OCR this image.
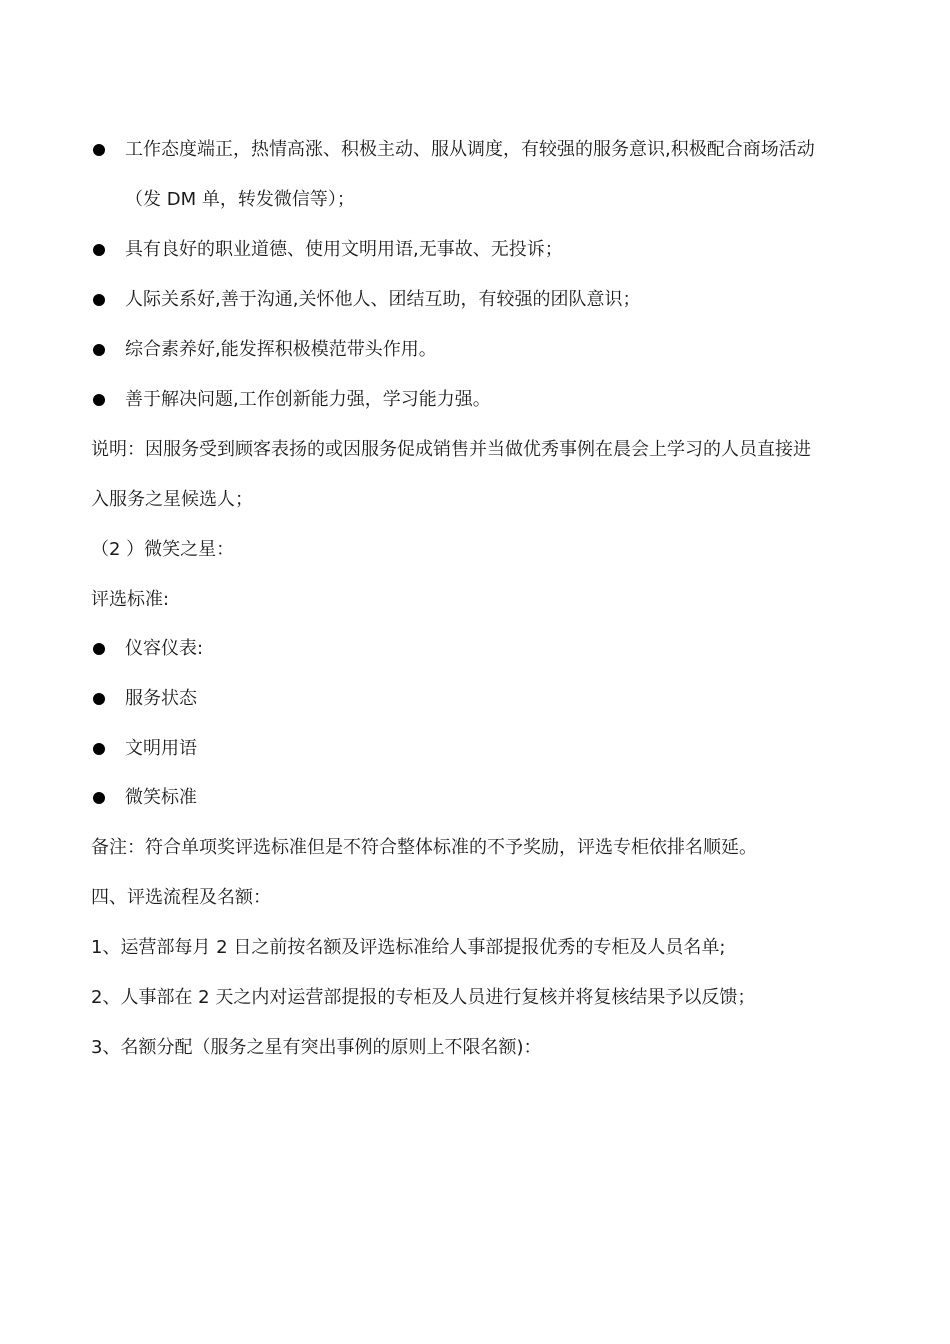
工作态度端正，热情高涨、积极主动、服从调度，有较强的服务意识,积极配合商场活动
（发 DM 单，转发微信等）；
具有良好的职业道德、使用文明用语,无事故、无投诉；
人际关系好,善于沟通,关怀他人、团结互助，有较强的团队意识；
综合素养好,能发挥积极模范带头作用。
善于解决问题,工作创新能力强，学习能力强。
说明：因服务受到顾客表扬的或因服务促成销售并当做优秀事例在晨会上学习的人员直接进
入服务之星候选人；
（2 ）微笑之星：
评选标准:
仪容仪表:
服务状态
文明用语
微笑标准
备注：符合单项奖评选标准但是不符合整体标准的不予奖励，评选专柜依排名顺延。
四、评选流程及名额：
1、运营部每月 2 日之前按名额及评选标准给人事部提报优秀的专柜及人员名单;
2、人事部在 2 天之内对运营部提报的专柜及人员进行复核并将复核结果予以反馈；
3、名额分配（服务之星有突出事例的原则上不限名额)：
